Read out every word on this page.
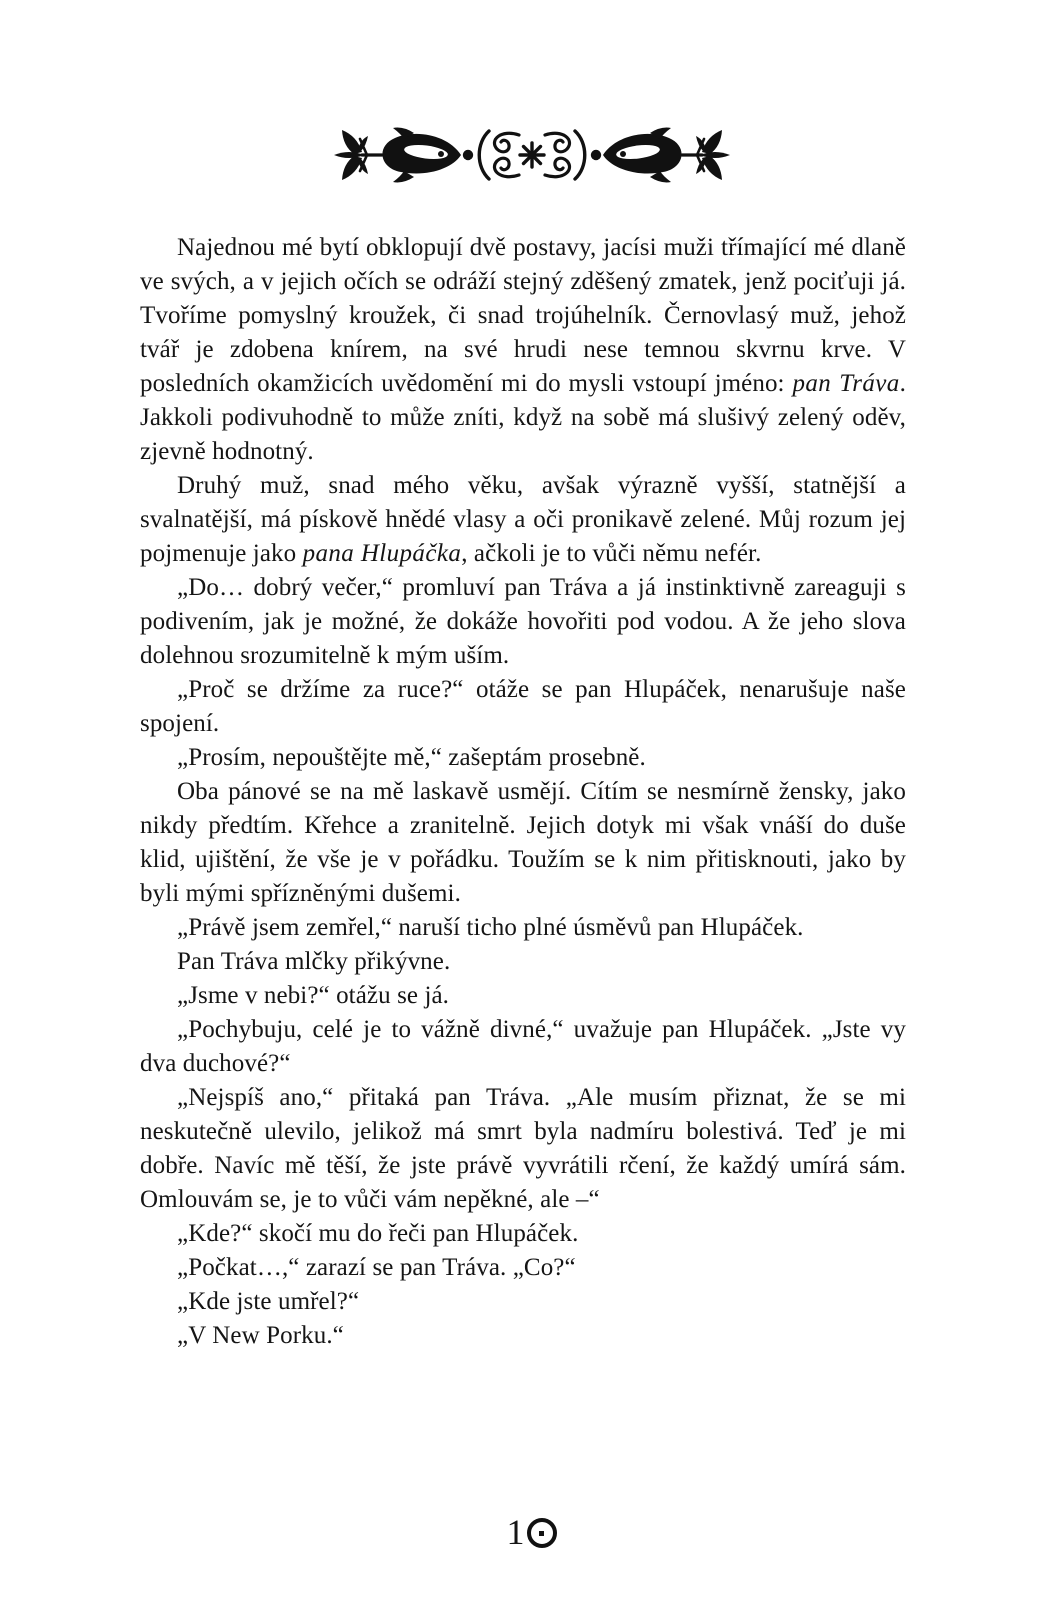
Najednou mé bytí obklopují dvě postavy, jacísi muži třímající mé dlaně ve svých, a v jejich očích se odráží stejný zděšený zmatek, jenž pociťuji já. Tvoříme pomyslný kroužek, či snad trojúhelník. Černovlasý muž, jehož tvář je zdobena knírem, na své hrudi nese temnou skvrnu krve. V posledních okamžicích uvědomění mi do mysli vstoupí jméno: pan Tráva. Jakkoli podivuhodně to může zníti, když na sobě má slušivý zelený oděv, zjevně hodnotný.

Druhý muž, snad mého věku, avšak výrazně vyšší, statnější a svalnatější, má pískově hnědé vlasy a oči pronikavě zelené. Můj rozum jej pojmenuje jako pana Hlupáčka, ačkoli je to vůči němu nefér.

„Do… dobrý večer,“ promluví pan Tráva a já instinktivně zareaguji s podivením, jak je možné, že dokáže hovořiti pod vodou. A že jeho slova dolehnou srozumitelně k mým uším.

„Proč se držíme za ruce?“ otáže se pan Hlupáček, nenarušuje naše spojení.

„Prosím, nepouštějte mě,“ zašeptám prosebně.

Oba pánové se na mě laskavě usmějí. Cítím se nesmírně žensky, jako nikdy předtím. Křehce a zranitelně. Jejich dotyk mi však vnáší do duše klid, ujištění, že vše je v pořádku. Toužím se k nim přitisknouti, jako by byli mými spřízněnými dušemi.

„Právě jsem zemřel,“ naruší ticho plné úsměvů pan Hlupáček.

Pan Tráva mlčky přikývne.

„Jsme v nebi?“ otážu se já.

„Pochybuju, celé je to vážně divné,“ uvažuje pan Hlupáček. „Jste vy dva duchové?“

„Nejspíš ano,“ přitaká pan Tráva. „Ale musím přiznat, že se mi neskutečně ulevilo, jelikož má smrt byla nadmíru bolestivá. Teď je mi dobře. Navíc mě těší, že jste právě vyvrátili rčení, že každý umírá sám. Omlouvám se, je to vůči vám nepěkné, ale –“

„Kde?“ skočí mu do řeči pan Hlupáček.

„Počkat…,“ zarazí se pan Tráva. „Co?“

„Kde jste umřel?“

„V New Porku.“

1
